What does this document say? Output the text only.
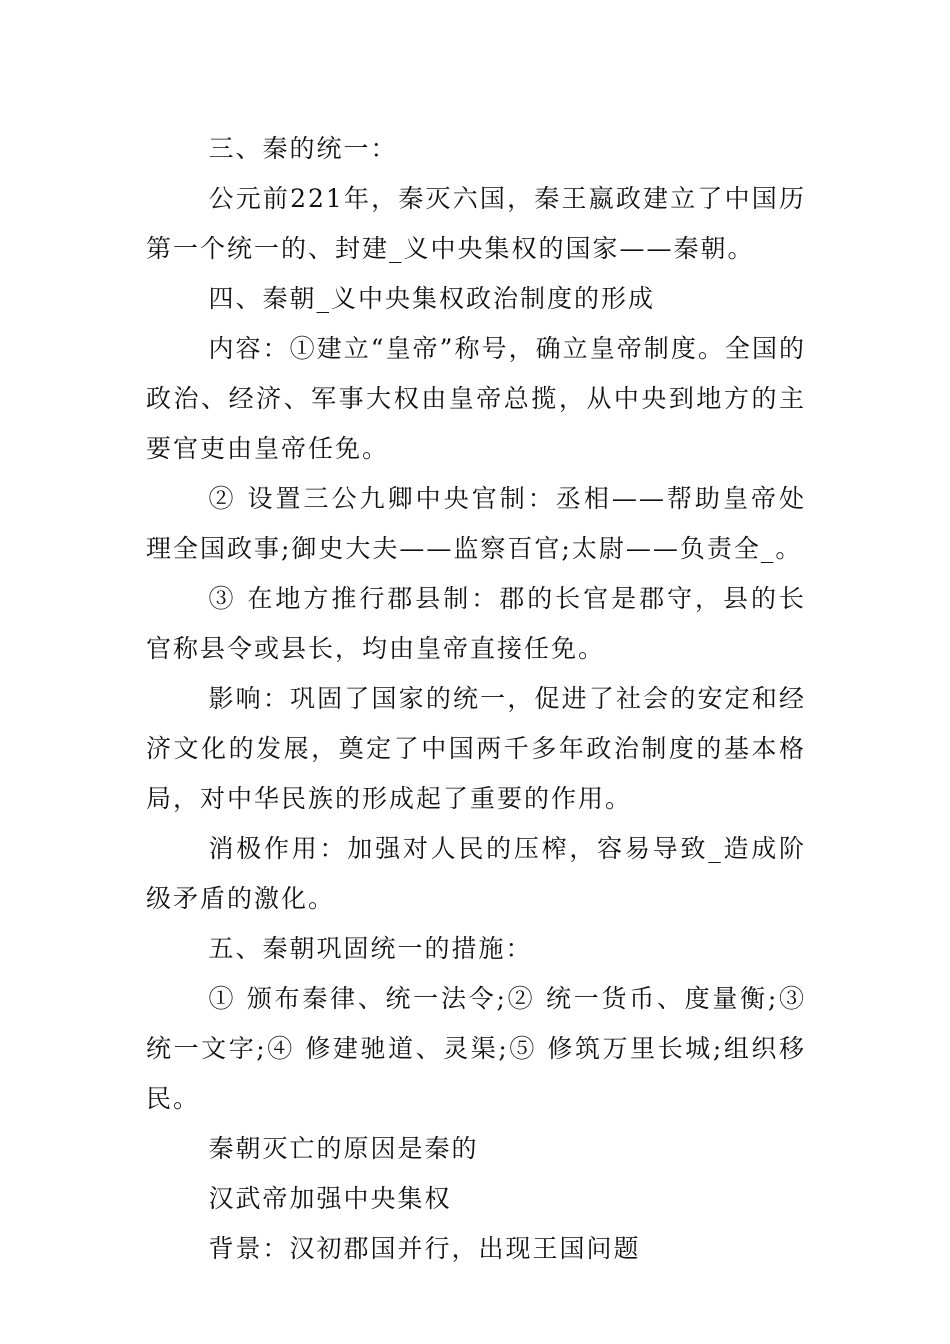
三、秦的统一：

公元前221年，秦灭六国，秦王嬴政建立了中国历第一个统一的、封建_义中央集权的国家——秦朝。

四、秦朝_义中央集权政治制度的形成

内容：①建立“皇帝”称号，确立皇帝制度。全国的政治、经济、军事大权由皇帝总揽，从中央到地方的主要官吏由皇帝任免。

② 设置三公九卿中央官制：丞相——帮助皇帝处理全国政事;御史大夫——监察百官;太尉——负责全_。

③ 在地方推行郡县制：郡的长官是郡守，县的长官称县令或县长，均由皇帝直接任免。

影响：巩固了国家的统一，促进了社会的安定和经济文化的发展，奠定了中国两千多年政治制度的基本格局，对中华民族的形成起了重要的作用。

消极作用：加强对人民的压榨，容易导致_造成阶级矛盾的激化。

五、秦朝巩固统一的措施：

① 颁布秦律、统一法令;② 统一货币、度量衡;③ 统一文字;④ 修建驰道、灵渠;⑤ 修筑万里长城;组织移民。

秦朝灭亡的原因是秦的

汉武帝加强中央集权

背景：汉初郡国并行，出现王国问题
